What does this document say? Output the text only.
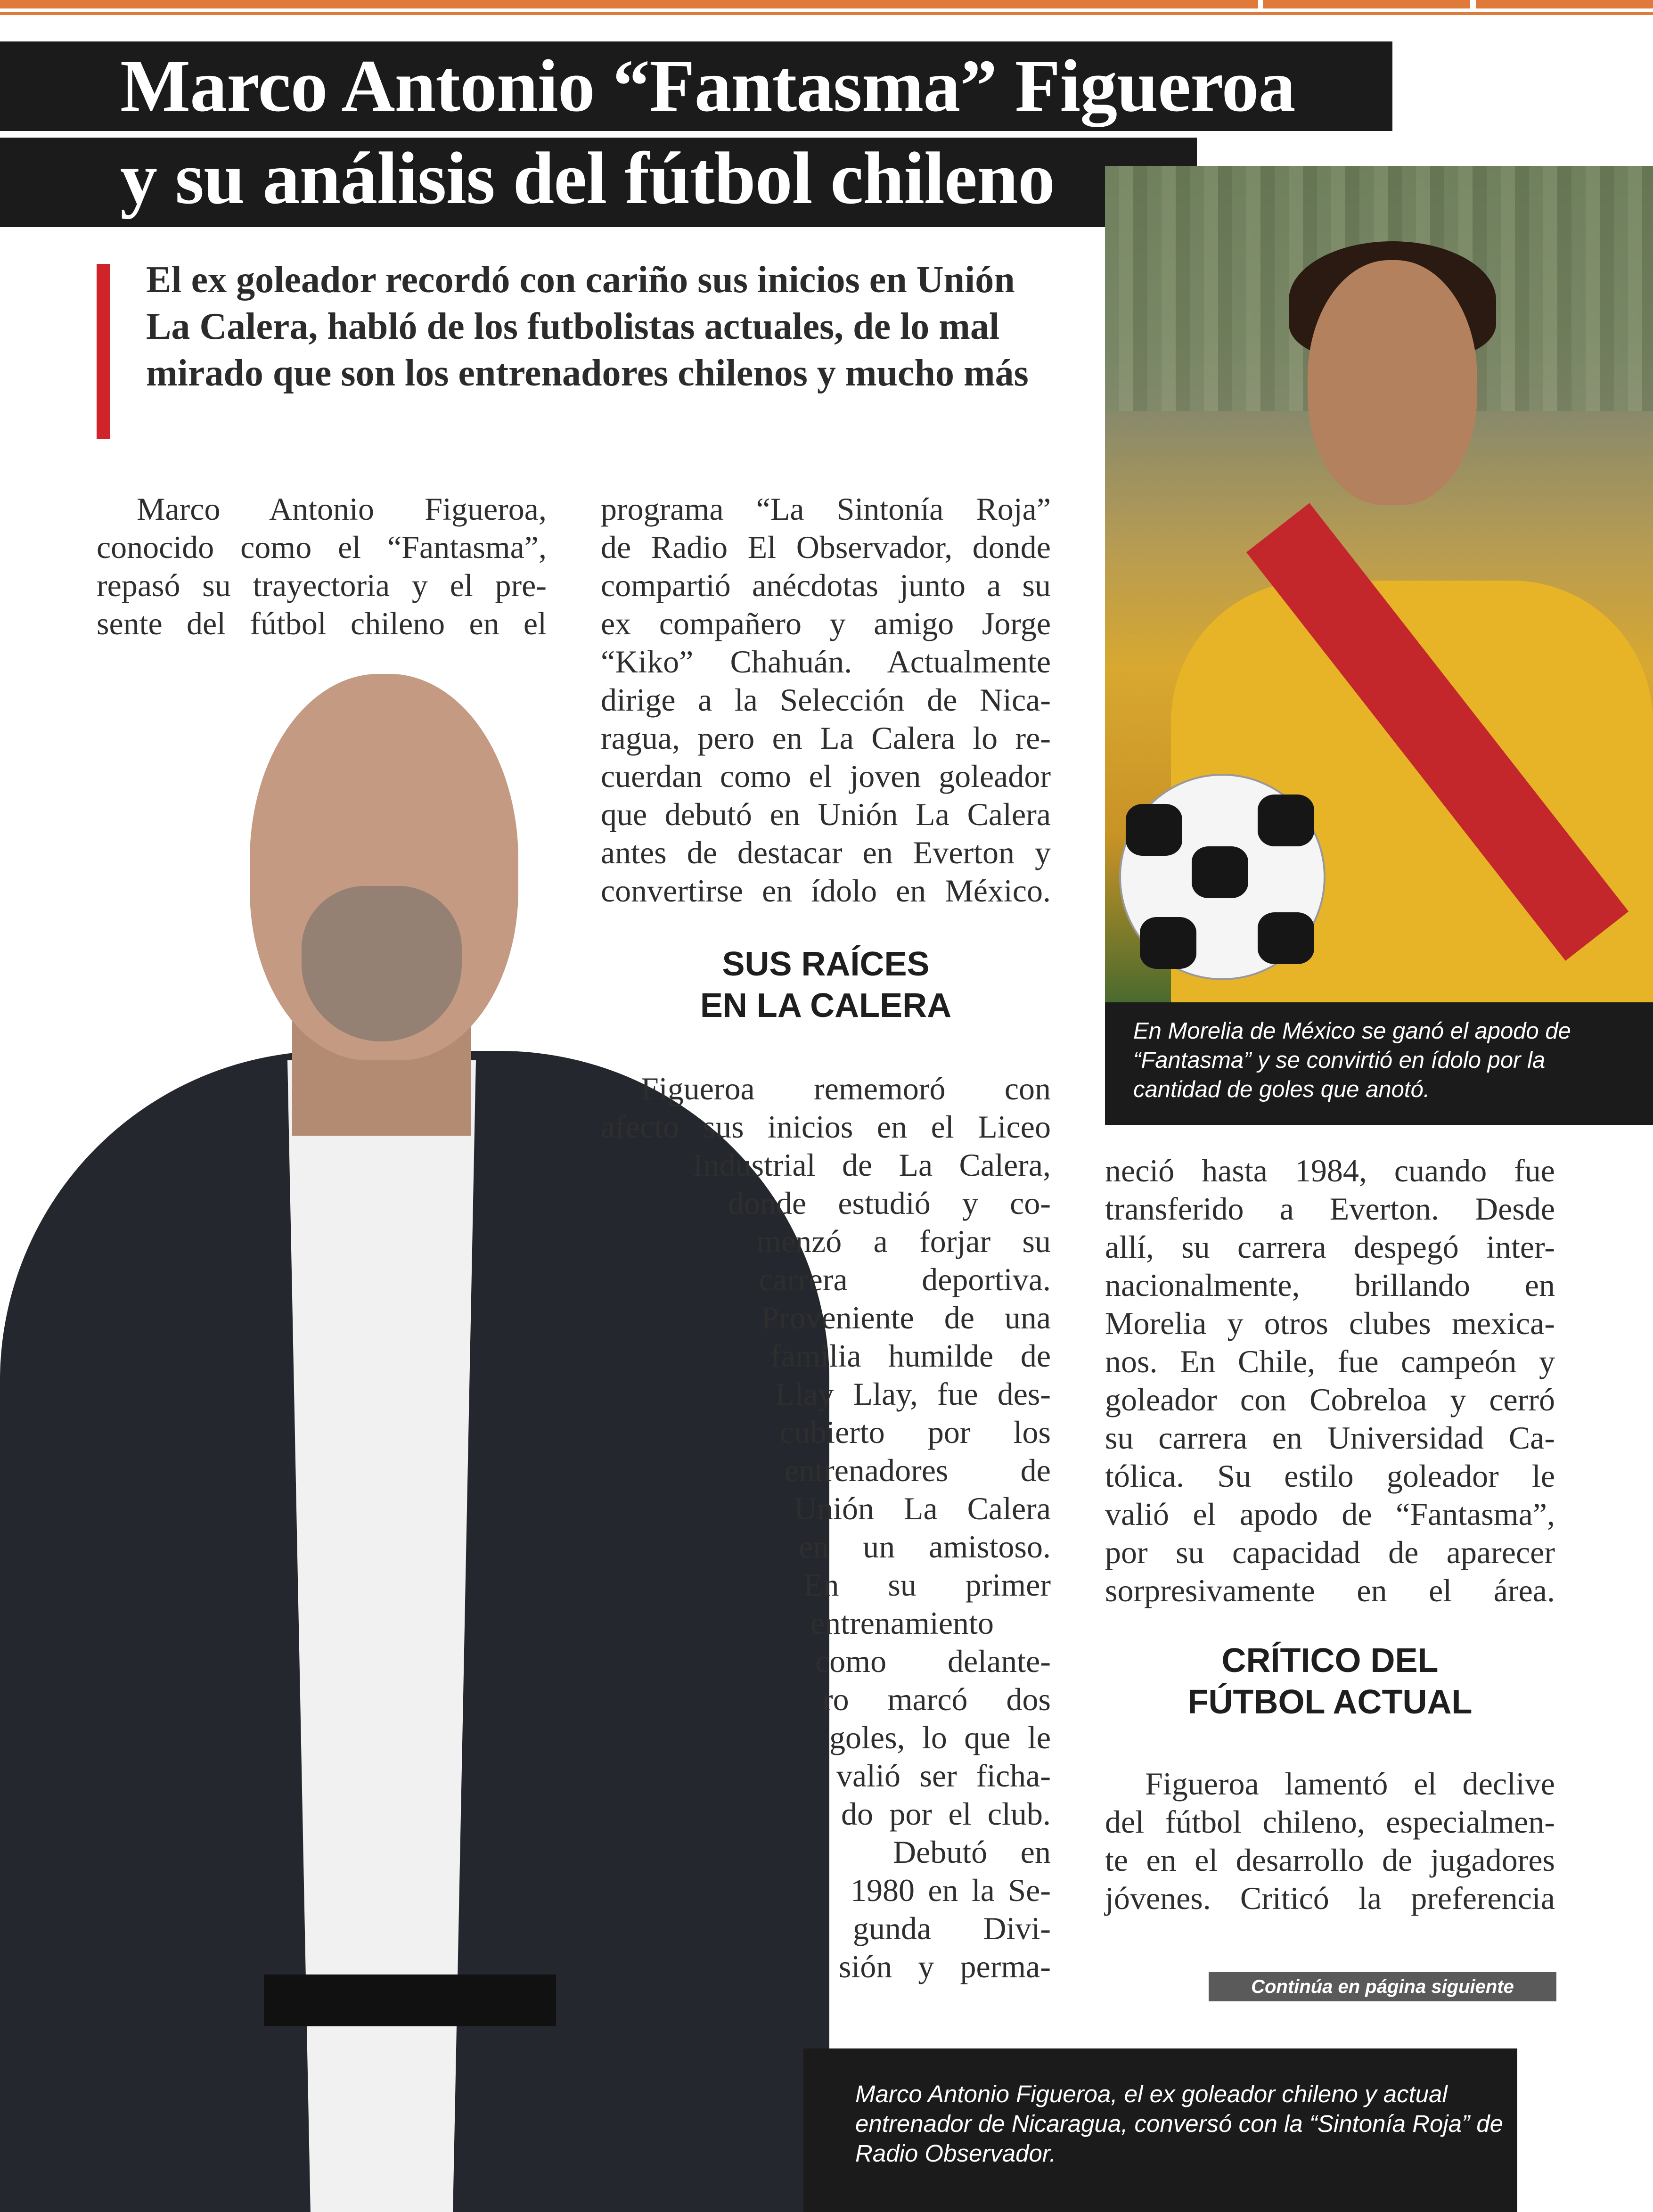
Marco Antonio “Fantasma” Figueroa
y su análisis del fútbol chileno
En Morelia de México se ganó el apodo de “Fantasma” y se convirtió en ídolo por la cantidad de goles que anotó.
El ex goleador recordó con cariño sus inicios en Unión La Calera, habló de los futbolistas actuales, de lo mal mirado que son los entrenadores chilenos y mucho más
Marco Antonio Figueroa,
conocido como el “Fantasma”,
repasó su trayectoria y el pre-
sente del fútbol chileno en el
programa “La Sintonía Roja”
de Radio El Observador, donde
compartió anécdotas junto a su
ex compañero y amigo Jorge
“Kiko” Chahuán. Actualmente
dirige a la Selección de Nica-
ragua, pero en La Calera lo re-
cuerdan como el joven goleador
que debutó en Unión La Calera
antes de destacar en Everton y
convertirse en ídolo en México.
SUS RAÍCES
EN LA CALERA
Figueroa rememoró con
afecto sus inicios en el Liceo
Industrial de La Calera,
donde estudió y co-
menzó a forjar su
carrera deportiva.
Proveniente de una
familia humilde de
Llay Llay, fue des-
cubierto por los
entrenadores de
Unión La Calera
en un amistoso.
En su primer
entrenamiento
como delante-
ro marcó dos
goles, lo que le
valió ser ficha-
do por el club.
Debutó en
1980 en la Se-
gunda Divi-
sión y perma-
neció hasta 1984, cuando fue
transferido a Everton. Desde
allí, su carrera despegó inter-
nacionalmente, brillando en
Morelia y otros clubes mexica-
nos. En Chile, fue campeón y
goleador con Cobreloa y cerró
su carrera en Universidad Ca-
tólica. Su estilo goleador le
valió el apodo de “Fantasma”,
por su capacidad de aparecer
sorpresivamente en el área.
CRÍTICO DEL
FÚTBOL ACTUAL
Figueroa lamentó el declive
del fútbol chileno, especialmen-
te en el desarrollo de jugadores
jóvenes. Criticó la preferencia
Continúa en página siguiente
Marco Antonio Figueroa, el ex goleador chileno y actual entrenador de Nicaragua, conversó con la “Sintonía Roja” de Radio Observador.
